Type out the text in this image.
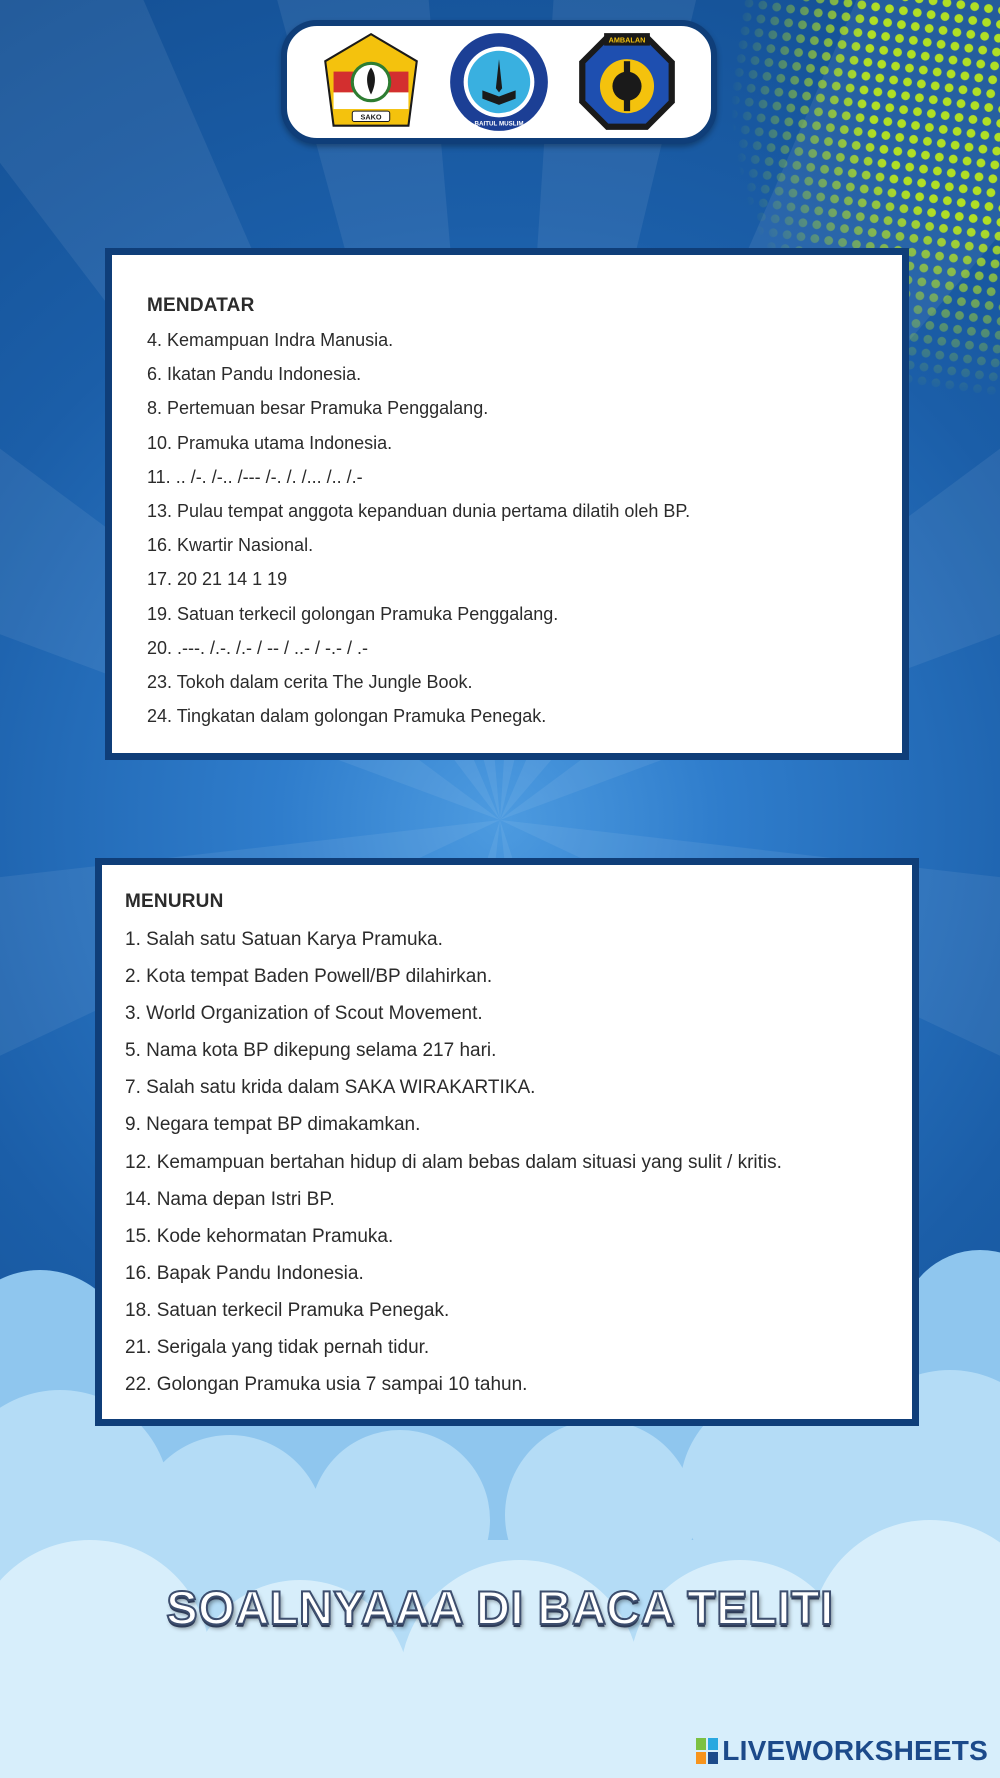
SAKO
BAITUL MUSLIM
AMBALAN
MENDATAR
4. Kemampuan Indra Manusia.
6. Ikatan Pandu Indonesia.
8. Pertemuan besar Pramuka Penggalang.
10. Pramuka utama Indonesia.
11. .. /-. /-.. /--- /-. /. /... /.. /.-
13. Pulau tempat anggota kepanduan dunia pertama dilatih oleh BP.
16. Kwartir Nasional.
17. 20 21 14 1 19
19. Satuan terkecil golongan Pramuka Penggalang.
20. .---. /.-. /.- / -- / ..- / -.- / .-
23. Tokoh dalam cerita The Jungle Book.
24. Tingkatan dalam golongan Pramuka Penegak.
MENURUN
1. Salah satu Satuan Karya Pramuka.
2. Kota tempat Baden Powell/BP dilahirkan.
3. World Organization of Scout Movement.
5. Nama kota BP dikepung selama 217 hari.
7. Salah satu krida dalam SAKA WIRAKARTIKA.
9. Negara tempat BP dimakamkan.
12. Kemampuan bertahan hidup di alam bebas dalam situasi yang sulit / kritis.
14. Nama depan Istri BP.
15. Kode kehormatan Pramuka.
16. Bapak Pandu Indonesia.
18. Satuan terkecil Pramuka Penegak.
21. Serigala yang tidak pernah tidur.
22. Golongan Pramuka usia 7 sampai 10 tahun.
SOALNYAAA DI BACA TELITI
LIVEWORKSHEETS
